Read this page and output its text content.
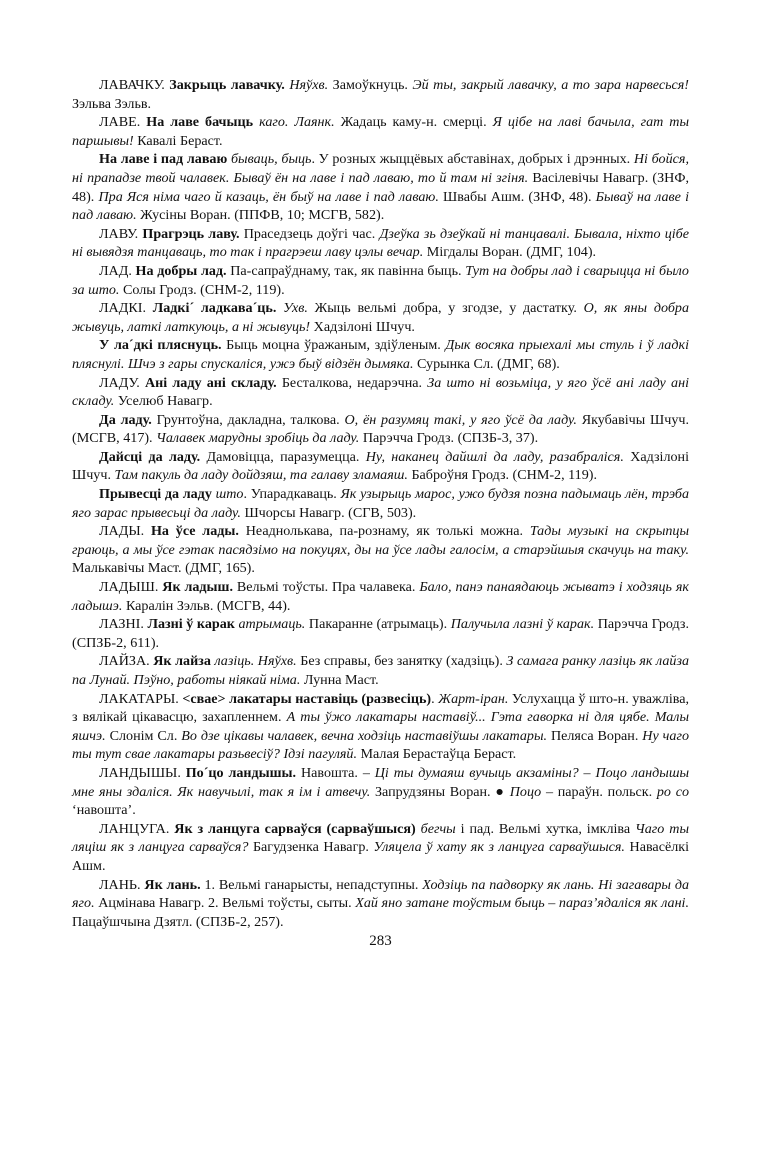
ЛАВАЧКУ. Закрыць лавачку. Няўхв. Замоўкнуць. Эй ты, закрый лавачку, а то зара нарвесься! Зэльва Зэльв.

ЛАВЕ. На лаве бачыць каго. Лаянк. Жадаць каму-н. смерці. Я цібе на лаві бачыла, гат ты паршывы! Кавалі Бераст.

На лаве і пад лаваю бываць, быць. У розных жыццёвых абставінах, добрых і дрэнных. Ні бойся, ні прападзе твой чалавек. Бываў ён на лаве і пад лаваю, то й там ні згіня. Васілевічы Навагр. (ЗНФ, 48). Пра Яся німа чаго й казаць, ён быў на лаве і пад лаваю. Швабы Ашм. (ЗНФ, 48). Бываў на лаве і пад лаваю. Жусіны Воран. (ППФВ, 10; МСГВ, 582).

ЛАВУ. Прагрэць лаву. Праседзець доўгі час. Дзеўка зь дзеўкай ні танцавалі. Бывала, ніхто цібе ні вывядзя танцаваць, то так і прагрэеш лаву цэлы вечар. Мігдалы Воран. (ДМГ, 104).

ЛАД. На добры лад. Па-сапраўднаму, так, як павінна быць. Тут на добры лад і сварыцца ні было за што. Солы Гродз. (СНМ-2, 119).

ЛАДКІ. Ладкі´ ладкава´ць. Ухв. Жыць вельмі добра, у згодзе, у дастатку. О, як яны добра жывуць, латкі латкуюць, а ні жывуць! Хадзілоні Шчуч.

У ла´дкі пляснуць. Быць моцна ўражаным, здіўленым. Дык восяка прыехалі мы стуль і ў ладкі пляснулі. Шчэ з гары спускаліся, ужэ быў відзён дымяка. Сурынка Сл. (ДМГ, 68).

ЛАДУ. Ані ладу ані складу. Бесталкова, недарэчна. За што ні возьміца, у яго ўсё ані ладу ані складу. Уселюб Навагр.

Да ладу. Грунтоўна, дакладна, талкова. О, ён разумяц такі, у яго ўсё да ладу. Якубавічы Шчуч. (МСГВ, 417). Чалавек марудны зробіць да ладу. Парэчча Гродз. (СПЗБ-3, 37).

Дайсці да ладу. Дамовіцца, паразумецца. Ну, наканец дайшлі да ладу, разабраліся. Хадзілоні Шчуч. Там пакуль да ладу дойдзяш, та галаву зламаяш. Баброўня Гродз. (СНМ-2, 119).

Прывесці да ладу што. Упарадкаваць. Як узырыць марос, ужо будзя позна падымаць лён, трэба яго зарас прывесьці да ладу. Шчорсы Навагр. (СГВ, 503).

ЛАДЫ. На ўсе лады. Неаднолькава, па-рознаму, як толькі можна. Тады музыкі на скрыпцы граюць, а мы ўсе гэтак пасядзімо на покуцях, ды на ўсе лады галосім, а старэйшыя скачуць на таку. Малькавічы Маст. (ДМГ, 165).

ЛАДЫШ. Як ладыш. Вельмі тоўсты. Пра чалавека. Бало, панэ панаядаюць жыватэ і ходзяць як ладышэ. Каралін Зэльв. (МСГВ, 44).

ЛАЗНІ. Лазні ў карак атрымаць. Пакаранне (атрымаць). Палучыла лазні ў карак. Парэчча Гродз. (СПЗБ-2, 611).

ЛАЙЗА. Як лайза лазіць. Няўхв. Без справы, без занятку (хадзіць). З самага ранку лазіць як лайза па Лунай. Пэўно, работы ніякай німа. Лунна Маст.

ЛАКАТАРЫ. <свае> лакатары наставіць (развесіць). Жарт-іран. Услухацца ў што-н. уважліва, з вялікай цікавасцю, захапленнем. А ты ўжо лакатары наставіў... Гэта гаворка ні для цябе. Малы яшчэ. Слонім Сл. Во дзе цікавы чалавек, вечна ходзіць наставіўшы лакатары. Пеляса Воран. Ну чаго ты тут свае лакатары разьвесіў? Ідзі пагуляй. Малая Берастаўца Бераст.

ЛАНДЫШЫ. По´цо ландышы. Навошта. – Ці ты думаяш вучыць акзаміны? – Поцо ландышы мне яны здаліся. Як навучылі, так я ім і атвечу. Запрудзяны Воран. ● Поцо – параўн. польск. po co ‘навошта’.

ЛАНЦУГА. Як з ланцуга сарваўся (сарваўшыся) бегчы і пад. Вельмі хутка, імкліва Чаго ты ляціш як з ланцуга сарваўся? Багудзенка Навагр. Уляцела ў хату як з ланцуга сарваўшыся. Навасёлкі Ашм.

ЛАНЬ. Як лань. 1. Вельмі ганарысты, непадступны. Ходзіць па падворку як лань. Ні загавары да яго. Ацмінава Навагр. 2. Вельмі тоўсты, сыты. Хай яно затане тоўстым быць – параз’ядаліся як лані. Пацаўшчына Дзятл. (СПЗБ-2, 257).

283
